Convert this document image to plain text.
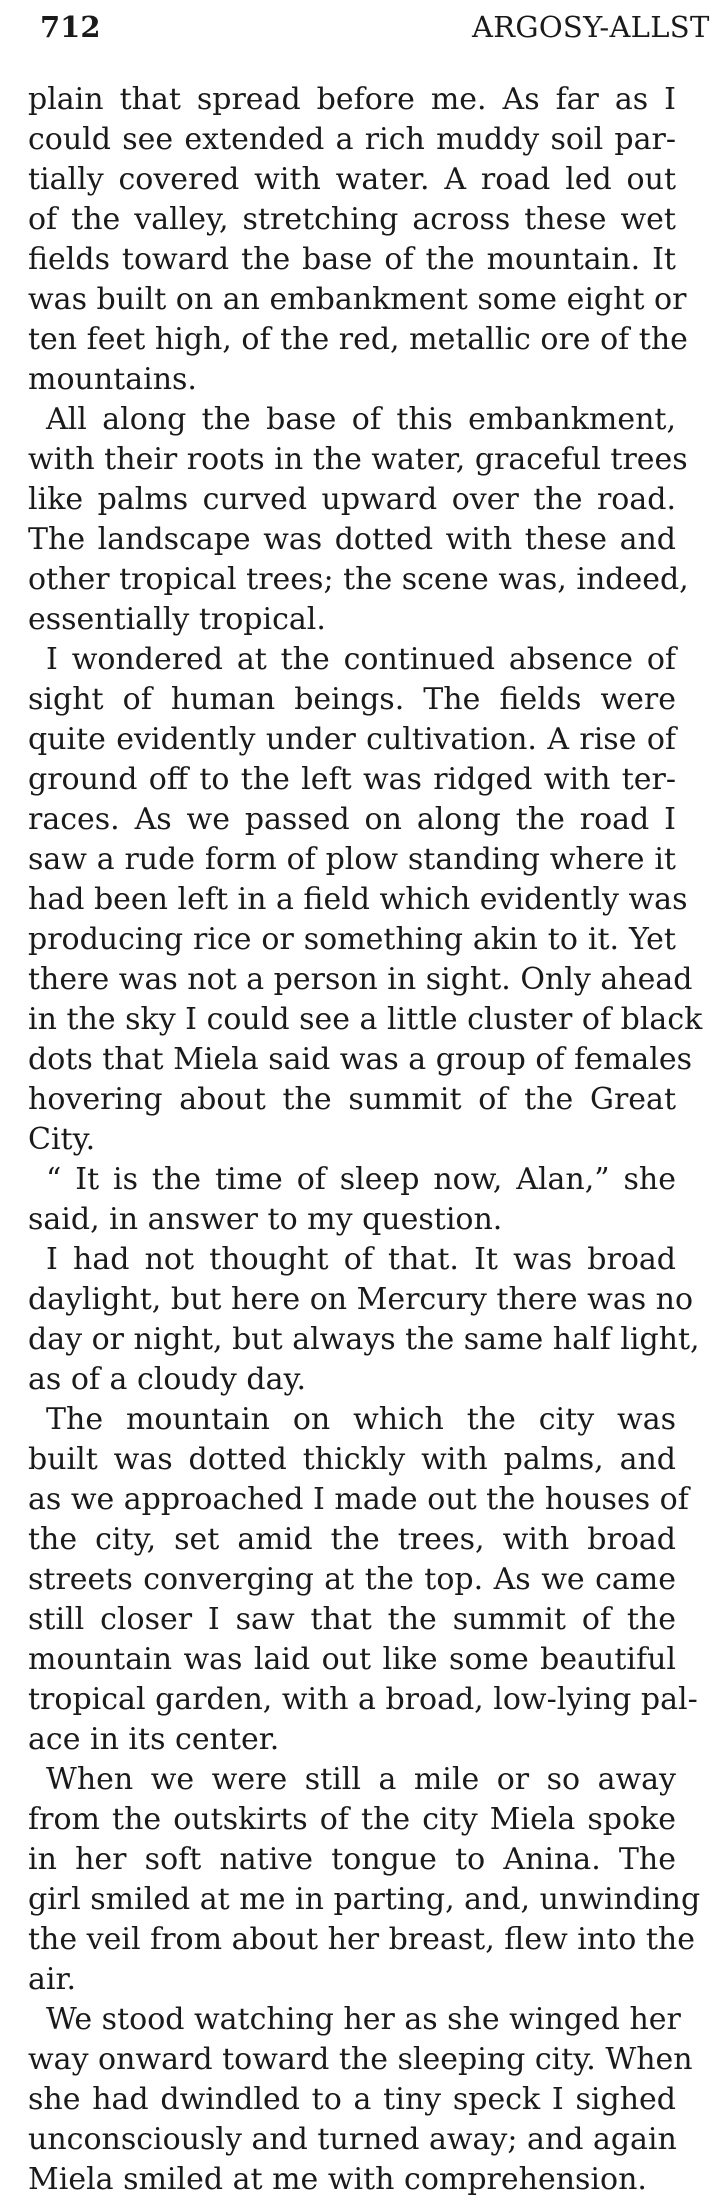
712	ARGOSY-ALLST
plain that spread before me. As far as I
could see extended a rich muddy soil par-
tially covered with water. A road led out
of the valley, stretching across these wet
fields toward the base of the mountain. It
was built on an embankment some eight or
ten feet high, of the red, metallic ore of the
mountains.
All along the base of this embankment,
with their roots in the water, graceful trees
like palms curved upward over the road.
The landscape was dotted with these and
other tropical trees; the scene was, indeed,
essentially tropical.
I wondered at the continued absence of
sight of human beings. The fields were
quite evidently under cultivation. A rise of
ground off to the left was ridged with ter-
races. As we passed on along the road I
saw a rude form of plow standing where it
had been left in a field which evidently was
producing rice or something akin to it. Yet
there was not a person in sight. Only ahead
in the sky I could see a little cluster of black
dots that Miela said was a group of females
hovering about the summit of the Great
City.
“ It is the time of sleep now, Alan,” she
said, in answer to my question.
I had not thought of that. It was broad
daylight, but here on Mercury there was no
day or night, but always the same half light,
as of a cloudy day.
The mountain on which the city was
built was dotted thickly with palms, and
as we approached I made out the houses of
the city, set amid the trees, with broad
streets converging at the top. As we came
still closer I saw that the summit of the
mountain was laid out like some beautiful
tropical garden, with a broad, low-lying pal-
ace in its center.
When we were still a mile or so away
from the outskirts of the city Miela spoke
in her soft native tongue to Anina. The
girl smiled at me in parting, and, unwinding
the veil from about her breast, flew into the
air.
We stood watching her as she winged her
way onward toward the sleeping city. When
she had dwindled to a tiny speck I sighed
unconsciously and turned away; and again
Miela smiled at me with comprehension.
